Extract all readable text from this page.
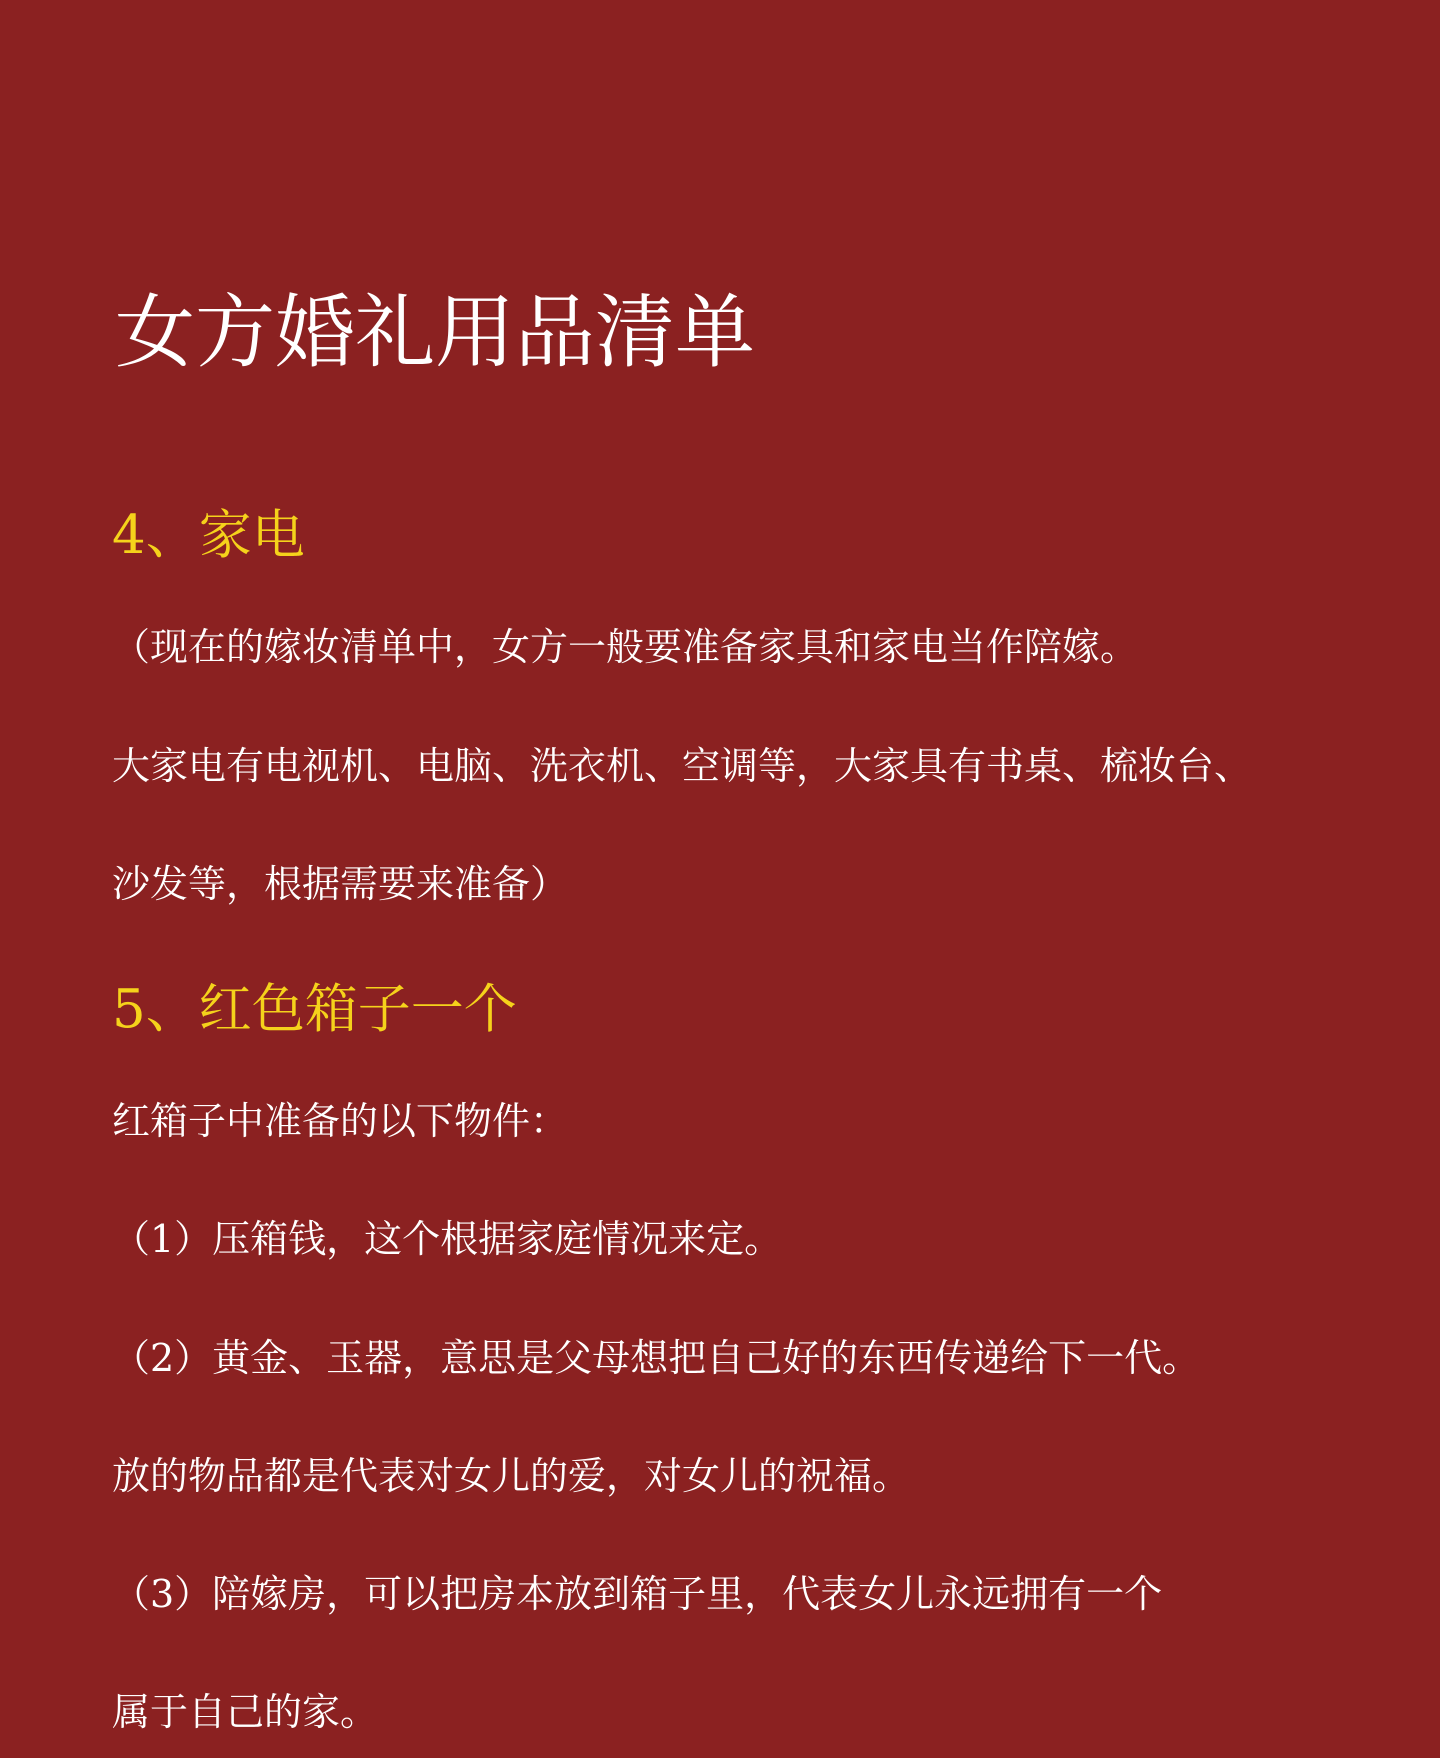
女方婚礼用品清单
4、家电

（现在的嫁妆清单中，女方一般要准备家具和家电当作陪嫁。

大家电有电视机、电脑、洗衣机、空调等，大家具有书桌、梳妆台、

沙发等，根据需要来准备）

5、红色箱子一个

红箱子中准备的以下物件：

（1）压箱钱，这个根据家庭情况来定。

（2）黄金、玉器，意思是父母想把自己好的东西传递给下一代。

放的物品都是代表对女儿的爱，对女儿的祝福。

（3）陪嫁房，可以把房本放到箱子里，代表女儿永远拥有一个

属于自己的家。
